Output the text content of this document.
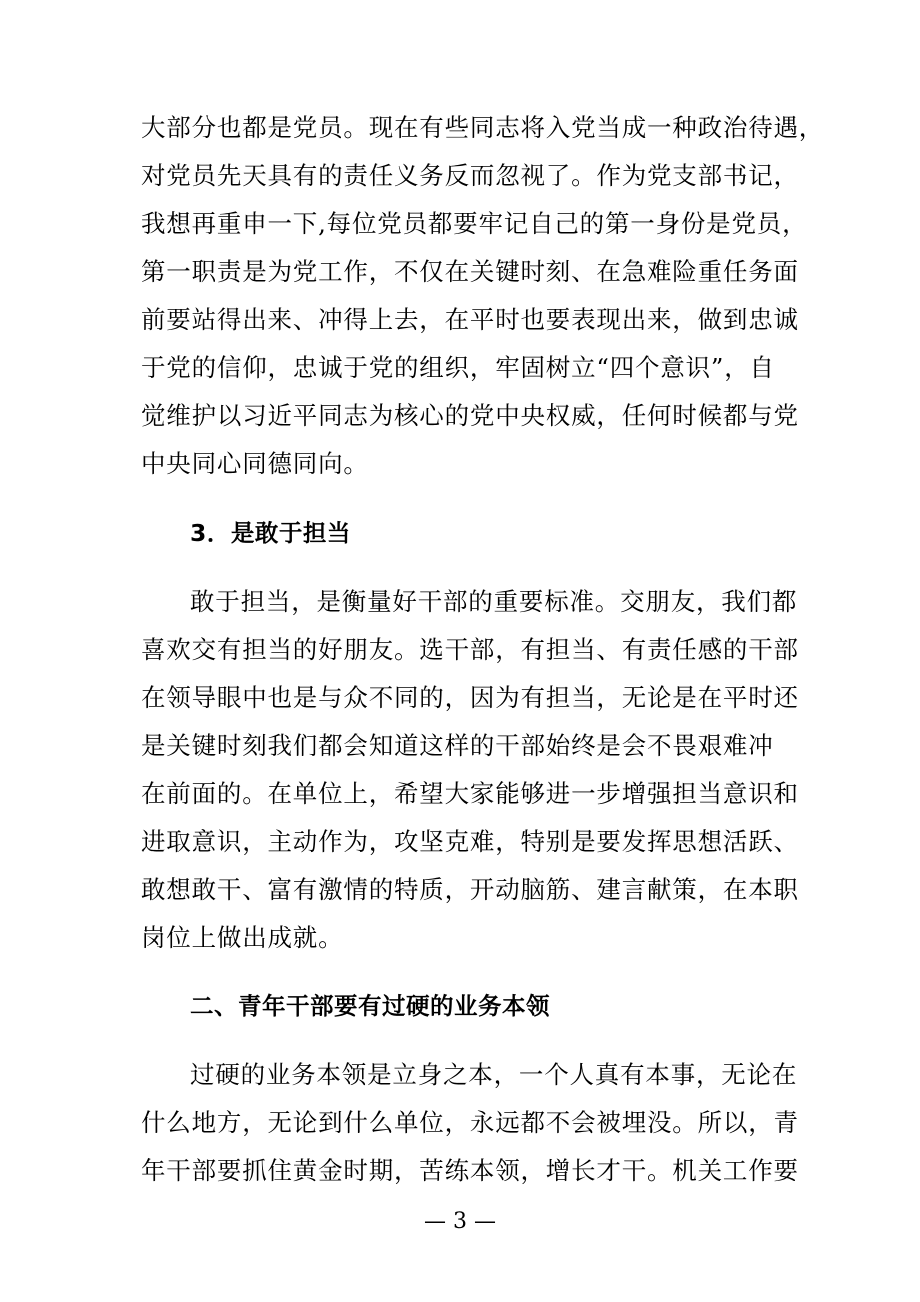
大部分也都是党员。现在有些同志将入党当成一种政治待遇，
对党员先天具有的责任义务反而忽视了。作为党支部书记，
我想再重申一下,每位党员都要牢记自己的第一身份是党员，
第一职责是为党工作，不仅在关键时刻、在急难险重任务面
前要站得出来、冲得上去，在平时也要表现出来，做到忠诚
于党的信仰，忠诚于党的组织，牢固树立“四个意识”，自
觉维护以习近平同志为核心的党中央权威，任何时候都与党
中央同心同德同向。
3．是敢于担当
敢于担当，是衡量好干部的重要标准。交朋友，我们都
喜欢交有担当的好朋友。选干部，有担当、有责任感的干部
在领导眼中也是与众不同的，因为有担当，无论是在平时还
是关键时刻我们都会知道这样的干部始终是会不畏艰难冲
在前面的。在单位上，希望大家能够进一步增强担当意识和
进取意识，主动作为，攻坚克难，特别是要发挥思想活跃、
敢想敢干、富有激情的特质，开动脑筋、建言献策，在本职
岗位上做出成就。
二、青年干部要有过硬的业务本领
过硬的业务本领是立身之本，一个人真有本事，无论在
什么地方，无论到什么单位，永远都不会被埋没。所以，青
年干部要抓住黄金时期，苦练本领，增长才干。机关工作要
— 3 —
